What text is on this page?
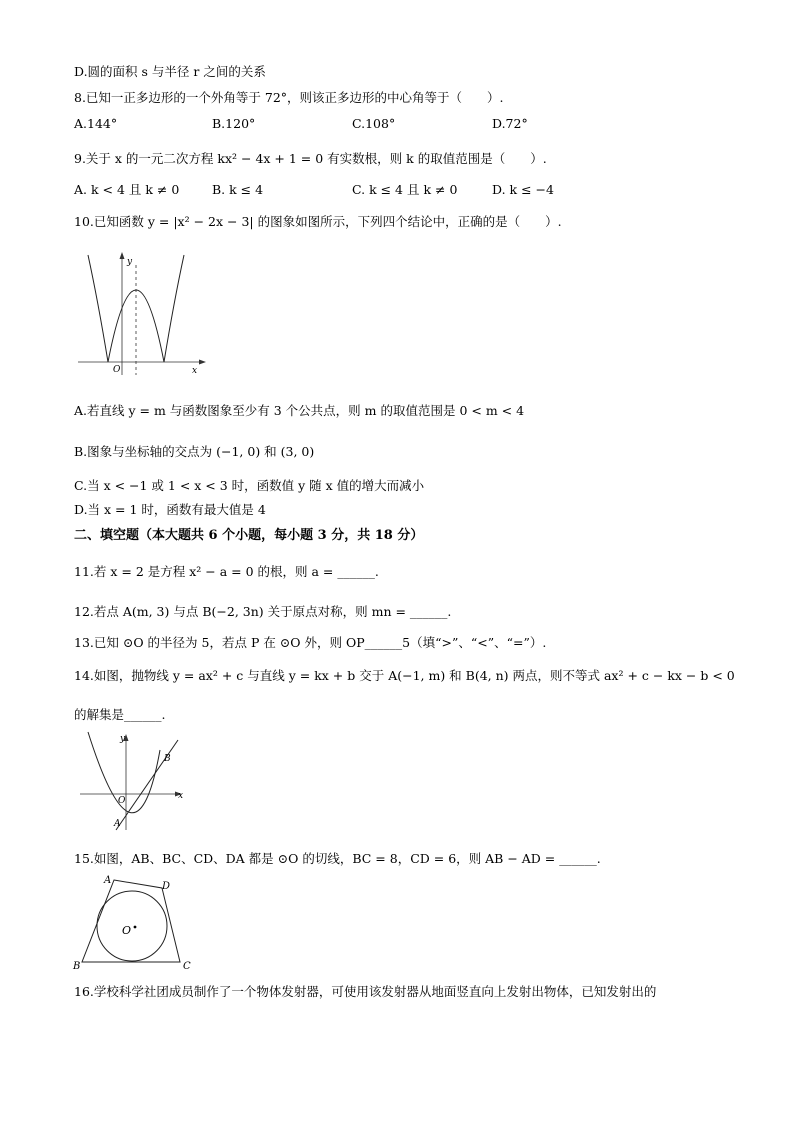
D.圆的面积 s 与半径 r 之间的关系
8.已知一正多边形的一个外角等于 72°，则该正多边形的中心角等于（　　）.
A.144°	B.120°	C.108°	D.72°
9.关于 x 的一元二次方程 kx² − 4x + 1 = 0 有实数根，则 k 的取值范围是（　　）.
A. k < 4 且 k ≠ 0	B. k ≤ 4	C. k ≤ 4 且 k ≠ 0	D. k ≤ −4
10.已知函数 y = |x² − 2x − 3| 的图象如图所示，下列四个结论中，正确的是（　　）.
y
x
O
A.若直线 y = m 与函数图象至少有 3 个公共点，则 m 的取值范围是 0 < m < 4
B.图象与坐标轴的交点为 (−1, 0) 和 (3, 0)
C.当 x < −1 或 1 < x < 3 时，函数值 y 随 x 值的增大而减小
D.当 x = 1 时，函数有最大值是 4
二、填空题（本大题共 6 个小题，每小题 3 分，共 18 分）
11.若 x = 2 是方程 x² − a = 0 的根，则 a = ______.
12.若点 A(m, 3) 与点 B(−2, 3n) 关于原点对称，则 mn = ______.
13.已知 ⊙O 的半径为 5，若点 P 在 ⊙O 外，则 OP______5（填“>”、“<”、“=”）.
14.如图，抛物线 y = ax² + c 与直线 y = kx + b 交于 A(−1, m) 和 B(4, n) 两点，则不等式 ax² + c − kx − b < 0
的解集是______.
y
x
O
A
B
15.如图，AB、BC、CD、DA 都是 ⊙O 的切线，BC = 8，CD = 6，则 AB − AD = ______.
A
D
B	C
O
16.学校科学社团成员制作了一个物体发射器，可使用该发射器从地面竖直向上发射出物体，已知发射出的
